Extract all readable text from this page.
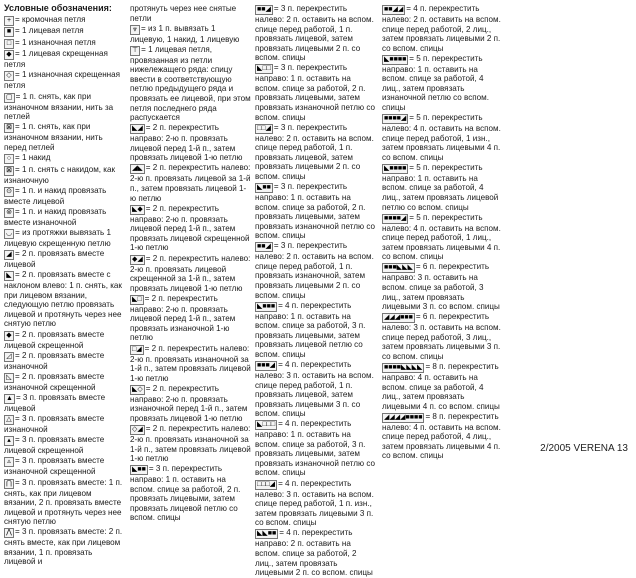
Условные обозначения:

+ = кромочная петля

■ = 1 лицевая петля

□ = 1 изнаночная петля

◆ = 1 лицевая скрещенная петля

◇ = 1 изнаночная скрещенная петля

▢ = 1 п. снять, как при изнаночном вязании, нить за петлей

⊠ = 1 п. снять, как при изнаночном вязании, нить перед петлей

○ = 1 накид

⊠ = 1 п. снять с накидом, как изнаночную

⊙ = 1 п. и накид провязать вместе лицевой

⊚ = 1 п. и накид провязать вместе изнаночной

◡ = из протяжки вывязать 1 лицевую скрещенную петлю

◢ = 2 п. провязать вместе лицевой

◣ = 2 п. провязать вместе с наклоном влево: 1 п. снять, как при лицевом вязании, следующую петлю провязать лицевой и протянуть через нее снятую петлю

◆ = 2 п. провязать вместе лицевой скрещенной

◿ = 2 п. провязать вместе изнаночной

◺ = 2 п. провязать вместе изнаночной скрещенной

▲ = 3 п. провязать вместе лицевой

△ = 3 п. провязать вместе изнаночной

▴ = 3 п. провязать вместе лицевой скрещенной

▵ = 3 п. провязать вместе изнаночной скрещенной

⋂ = 3 п. провязать вместе: 1 п. снять, как при лицевом вязании, 2 п. провязать вместе лицевой и протянуть через нее снятую петлю

⋀ = 3 п. провязать вместе: 2 п. снять вместе, как при лицевом вязании, 1 п. провязать лицевой и

протянуть через нее снятые петли

⩔ = из 1 п. вывязать 1 лицевую, 1 накид, 1 лицевую

⊤ = 1 лицевая петля, провязанная из петли нижележащего ряда: спицу ввести в соответствующую петлю предыдущего ряда и провязать ее лицевой, при этом петля последнего ряда распускается

◣◢ = 2 п. перекрестить направо: 2-ю п. провязать лицевой перед 1-й п., затем провязать лицевой 1-ю петлю

◢◣ = 2 п. перекрестить налево: 2-ю п. провязать лицевой за 1-й п., затем провязать лицевой 1-ю петлю

◣◆ = 2 п. перекрестить направо: 2-ю п. провязать лицевой перед 1-й п., затем провязать лицевой скрещенной 1-ю петлю

◆◢ = 2 п. перекрестить налево: 2-ю п. провязать лицевой скрещенной за 1-й п., затем провязать лицевой 1-ю петлю

◣□ = 2 п. перекрестить направо: 2-ю п. провязать лицевой перед 1-й п., затем провязать изнаночной 1-ю петлю

□◢ = 2 п. перекрестить налево: 2-ю п. провязать изнаночной за 1-й п., затем провязать лицевой 1-ю петлю

◣◇ = 2 п. перекрестить направо: 2-ю п. провязать изнаночной перед 1-й п., затем провязать лицевой 1-ю петлю

◇◢ = 2 п. перекрестить налево: 2-ю п. провязать изнаночной за 1-й п., затем провязать лицевой 1-ю петлю

◣■■ = 3 п. перекрестить направо: 1 п. оставить на вспом. спице за работой, 2 п. провязать лицевыми, затем провязать лицевой петлю со вспом. спицы

■■◢ = 3 п. перекрестить налево: 2 п. оставить на вспом. спице перед работой, 1 п. провязать лицевой, затем провязать лицевыми 2 п. со вспом. спицы

◣□□ = 3 п. перекрестить направо: 1 п. оставить на вспом. спице за работой, 2 п. провязать лицевыми, затем провязать изнаночной петлю со вспом. спицы

□□◢ = 3 п. перекрестить налево: 2 п. оставить на вспом. спице перед работой, 1 п. провязать лицевой, затем провязать лицевыми 2 п. со вспом. спицы

◣■■ = 3 п. перекрестить направо: 1 п. оставить на вспом. спице за работой, 2 п. провязать лицевыми, затем провязать изнаночной петлю со вспом. спицы

■■◢ = 3 п. перекрестить налево: 2 п. оставить на вспом. спице перед работой, 1 п. провязать изнаночной, затем провязать лицевыми 2 п. со вспом. спицы

◣■■■ = 4 п. перекрестить направо: 1 п. оставить на вспом. спице за работой, 3 п. провязать лицевыми, затем провязать лицевой петлю со вспом. спицы

■■■◢ = 4 п. перекрестить налево: 3 п. оставить на вспом. спице перед работой, 1 п. провязать лицевой, затем провязать лицевыми 3 п. со вспом. спицы

◣□□□ = 4 п. перекрестить направо: 1 п. оставить на вспом. спице за работой, 3 п. провязать лицевыми, затем провязать изнаночной петлю со вспом. спицы

□□□◢ = 4 п. перекрестить налево: 3 п. оставить на вспом. спице перед работой, 1 п. изн., затем провязать лицевыми 3 п. со вспом. спицы

◣◣■■ = 4 п. перекрестить направо: 2 п. оставить на вспом. спице за работой, 2 лиц., затем провязать лицевыми 2 п. со вспом. спицы

■■◢◢ = 4 п. перекрестить налево: 2 п. оставить на вспом. спице перед работой, 2 лиц., затем провязать лицевыми 2 п. со вспом. спицы

◣■■■■ = 5 п. перекрестить направо: 1 п. оставить на вспом. спице за работой, 4 лиц., затем провязать изнаночной петлю со вспом. спицы

■■■■◢ = 5 п. перекрестить налево: 4 п. оставить на вспом. спице перед работой, 1 изн., затем провязать лицевыми 4 п. со вспом. спицы

◣■■■■ = 5 п. перекрестить направо: 1 п. оставить на вспом. спице за работой, 4 лиц., затем провязать лицевой петлю со вспом. спицы

■■■■◢ = 5 п. перекрестить налево: 4 п. оставить на вспом. спице перед работой, 1 лиц., затем провязать лицевыми 4 п. со вспом. спицы

■■■◣◣◣ = 6 п. перекрестить направо: 3 п. оставить на вспом. спице за работой, 3 лиц., затем провязать лицевыми 3 п. со вспом. спицы

◢◢◢■■■ = 6 п. перекрестить налево: 3 п. оставить на вспом. спице перед работой, 3 лиц., затем провязать лицевыми 3 п. со вспом. спицы

■■■■◣◣◣◣ = 8 п. перекрестить направо: 4 п. оставить на вспом. спице за работой, 4 лиц., затем провязать лицевыми 4 п. со вспом. спицы

◢◢◢◢■■■■ = 8 п. перекрестить налево: 4 п. оставить на вспом. спице перед работой, 4 лиц., затем провязать лицевыми 4 п. со вспом. спицы

2/2005 VERENA 13
